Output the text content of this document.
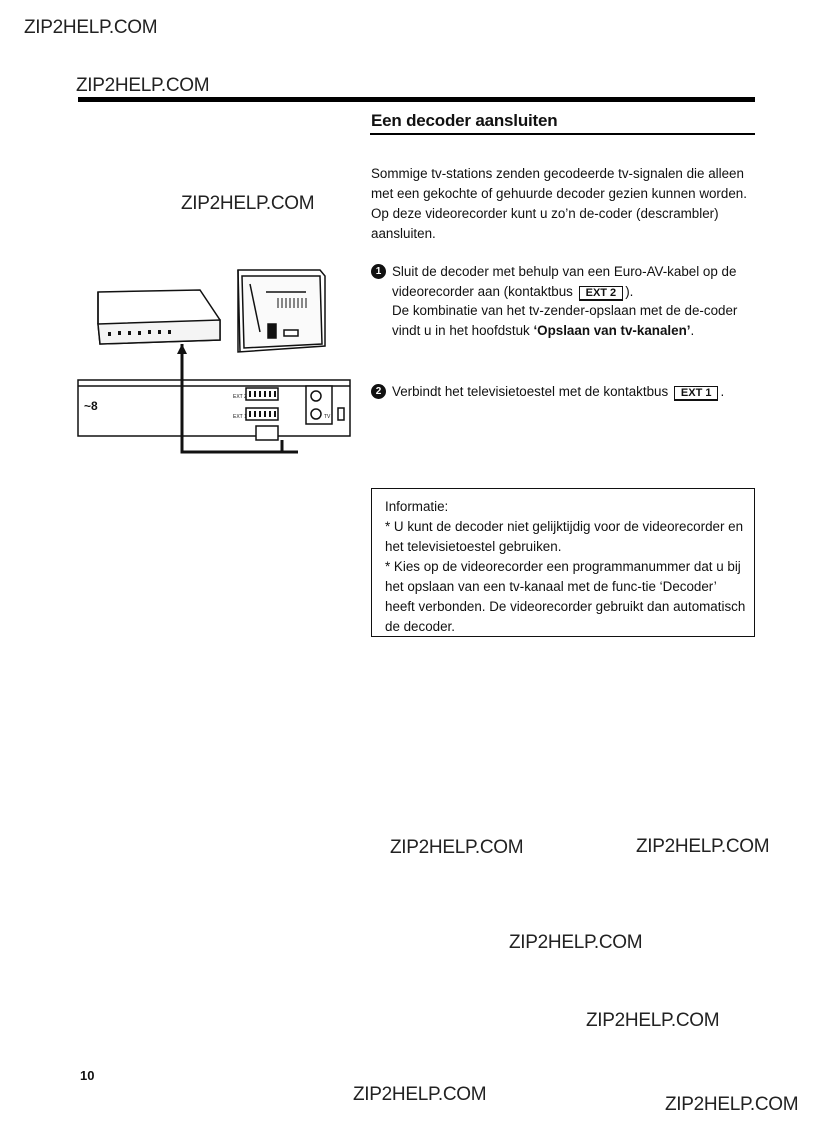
ZIP2HELP.COM
ZIP2HELP.COM
ZIP2HELP.COM
ZIP2HELP.COM	ZIP2HELP.COM
ZIP2HELP.COM
ZIP2HELP.COM
ZIP2HELP.COM	ZIP2HELP.COM
Een decoder aansluiten
Sommige tv-stations zenden gecodeerde tv-signalen die alleen met een gekochte of gehuurde decoder gezien kunnen worden. Op deze videorecorder kunt u zo’n de-coder (descrambler) aansluiten.
1 Sluit de decoder met behulp van een Euro-AV-kabel op de videorecorder aan (kontaktbus EXT 2 ).
De kombinatie van het tv-zender-opslaan met de de-coder vindt u in het hoofdstuk ‘Opslaan van tv-kanalen’.
2 Verbindt het televisietoestel met de kontaktbus EXT 1 .
Informatie:
* U kunt de decoder niet gelijktijdig voor de videorecorder en het televisietoestel gebruiken.
* Kies op de videorecorder een programmanummer dat u bij het opslaan van een tv-kanaal met de func-tie ‘Decoder’ heeft verbonden. De videorecorder gebruikt dan automatisch de decoder.
~8
EXT 2
EXT 1	TV
10
